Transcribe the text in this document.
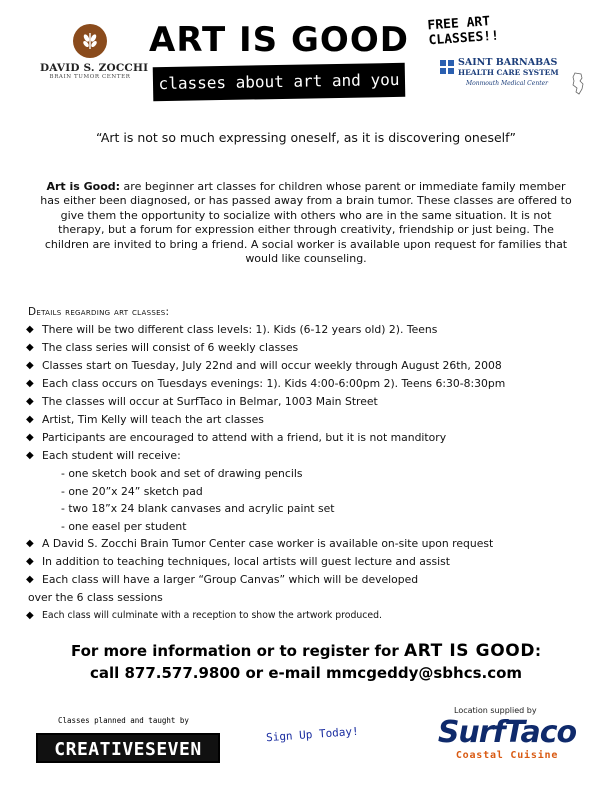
DAVID S. ZOCCHI
BRAIN TUMOR CENTER
ART IS GOOD
classes about art and you
FREE ART
CLASSES!!
SAINT BARNABAS
HEALTH CARE SYSTEM
Monmouth Medical Center
“Art is not so much expressing oneself, as it is discovering oneself”
Art is Good: are beginner art classes for children whose parent or immediate family member has either been diagnosed, or has passed away from a brain tumor. These classes are offered to give them the opportunity to socialize with others who are in the same situation. It is not therapy, but a forum for expression either through creativity, friendship or just being. The children are invited to bring a friend. A social worker is available upon request for families that would like counseling.
Details regarding art classes:
◆ There will be two different class levels: 1). Kids (6-12 years old) 2). Teens
◆ The class series will consist of 6 weekly classes
◆ Classes start on Tuesday, July 22nd and will occur weekly through August 26th, 2008
◆ Each class occurs on Tuesdays evenings: 1). Kids 4:00-6:00pm 2). Teens 6:30-8:30pm
◆ The classes will occur at SurfTaco in Belmar, 1003 Main Street
◆ Artist, Tim Kelly will teach the art classes
◆ Participants are encouraged to attend with a friend, but it is not manditory
◆ Each student will receive:
- one sketch book and set of drawing pencils
- one 20”x 24” sketch pad
- two 18”x 24 blank canvases and acrylic paint set
- one easel per student
◆ A David S. Zocchi Brain Tumor Center case worker is available on-site upon request
◆ In addition to teaching techniques, local artists will guest lecture and assist
◆ Each class will have a larger “Group Canvas” which will be developed
over the 6 class sessions
◆ Each class will culminate with a reception to show the artwork produced.
For more information or to register for ART IS GOOD:
call 877.577.9800 or e-mail mmcgeddy@sbhcs.com
Classes planned and taught by
CREATIVESEVEN
Sign Up Today!
Location supplied by
SurfTaco
Coastal Cuisine
